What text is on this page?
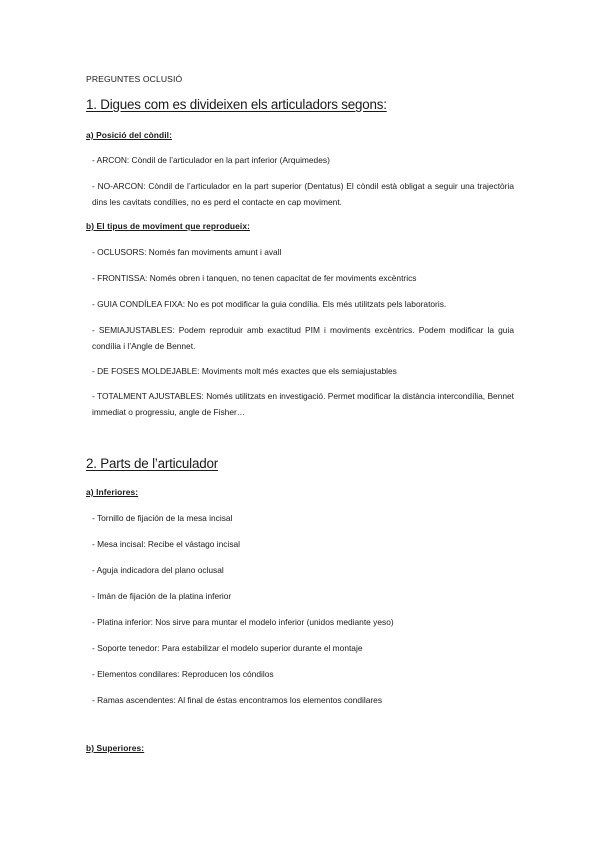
PREGUNTES OCLUSIÓ
1. Digues com es divideixen els articuladors segons:
a) Posició del còndil:
- ARCON: Còndil de l’articulador en la part inferior (Arquimedes)
- NO-ARCON: Còndil de l’articulador en la part superior (Dentatus) El còndil està obligat a seguir una trajectòria dins les cavitats condílies, no es perd el contacte en cap moviment.
b) El tipus de moviment que reprodueix:
- OCLUSORS: Només fan moviments amunt i avall
- FRONTISSA: Només obren i tanquen, no tenen capacitat de fer moviments excèntrics
- GUIA CONDÍLEA FIXA: No es pot modificar la guia condília. Els més utilitzats pels laboratoris.
- SEMIAJUSTABLES: Podem reproduir amb exactitud PIM i moviments excèntrics. Podem modificar la guia condília i l’Angle de Bennet.
- DE FOSES MOLDEJABLE: Moviments molt més exactes que els semiajustables
- TOTALMENT AJUSTABLES: Només utilitzats en investigació. Permet modificar la distància intercondília, Bennet immediat o progressiu, angle de Fisher…
2. Parts de l’articulador
a) Inferiores:
- Tornillo de fijación de la mesa incisal
- Mesa incisal: Recibe el vástago incisal
- Aguja indicadora del plano oclusal
- Imán de fijación de la platina inferior
- Platina inferior: Nos sirve para muntar el modelo inferior (unidos mediante yeso)
- Soporte tenedor: Para estabilizar el modelo superior durante el montaje
- Elementos condilares: Reproducen los cóndilos
- Ramas ascendentes: Al final de éstas encontramos los elementos condilares
b) Superiores:
